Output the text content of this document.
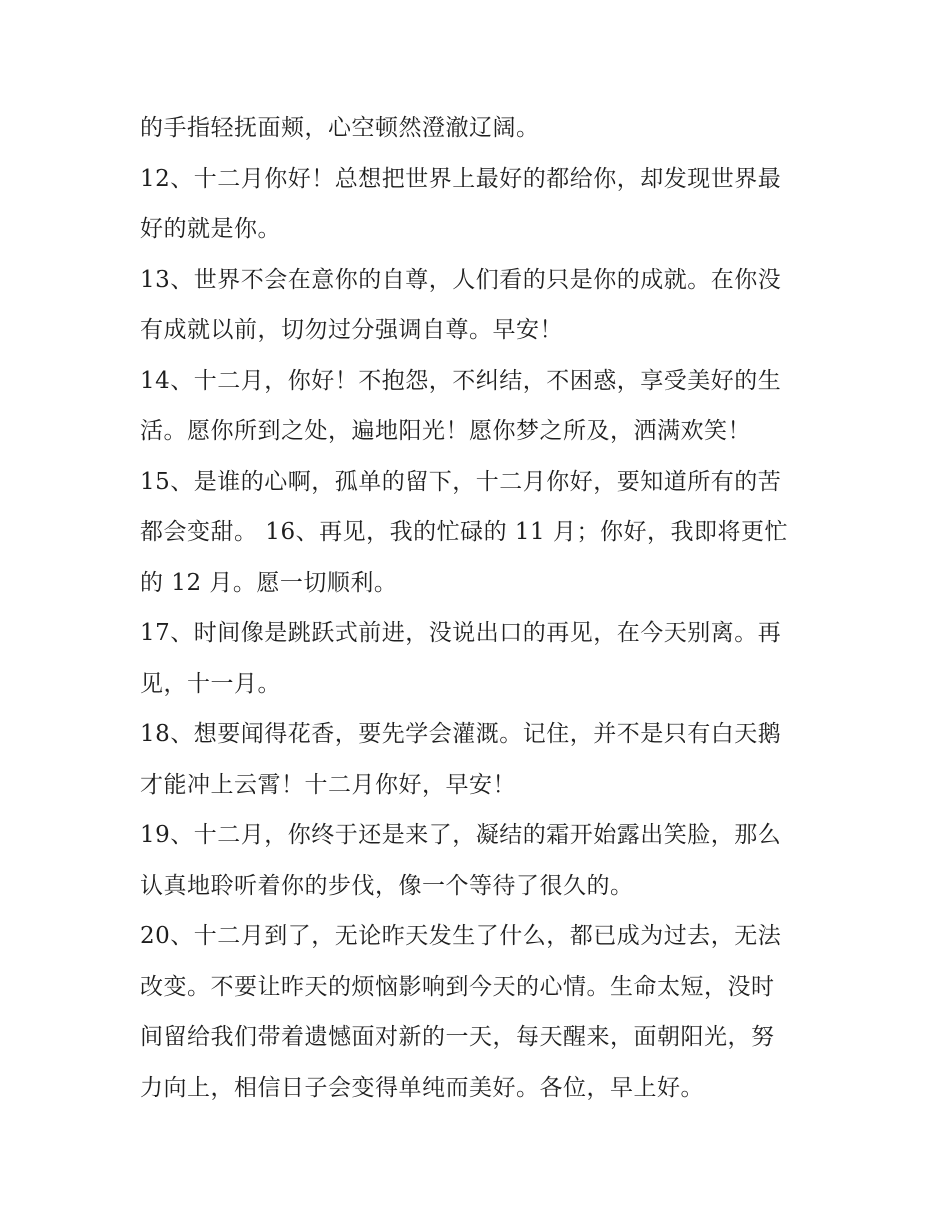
的手指轻抚面颊，心空顿然澄澈辽阔。
12、十二月你好！总想把世界上最好的都给你，却发现世界最
好的就是你。
13、世界不会在意你的自尊，人们看的只是你的成就。在你没
有成就以前，切勿过分强调自尊。早安！
14、十二月，你好！不抱怨，不纠结，不困惑，享受美好的生
活。愿你所到之处，遍地阳光！愿你梦之所及，洒满欢笑！
15、是谁的心啊，孤单的留下，十二月你好，要知道所有的苦
都会变甜。 16、再见，我的忙碌的 11 月；你好，我即将更忙
的 12 月。愿一切顺利。
17、时间像是跳跃式前进，没说出口的再见，在今天别离。再
见，十一月。
18、想要闻得花香，要先学会灌溉。记住，并不是只有白天鹅
才能冲上云霄！十二月你好，早安！
19、十二月，你终于还是来了，凝结的霜开始露出笑脸，那么
认真地聆听着你的步伐，像一个等待了很久的。
20、十二月到了，无论昨天发生了什么，都已成为过去，无法
改变。不要让昨天的烦恼影响到今天的心情。生命太短，没时
间留给我们带着遗憾面对新的一天，每天醒来，面朝阳光，努
力向上，相信日子会变得单纯而美好。各位，早上好。
